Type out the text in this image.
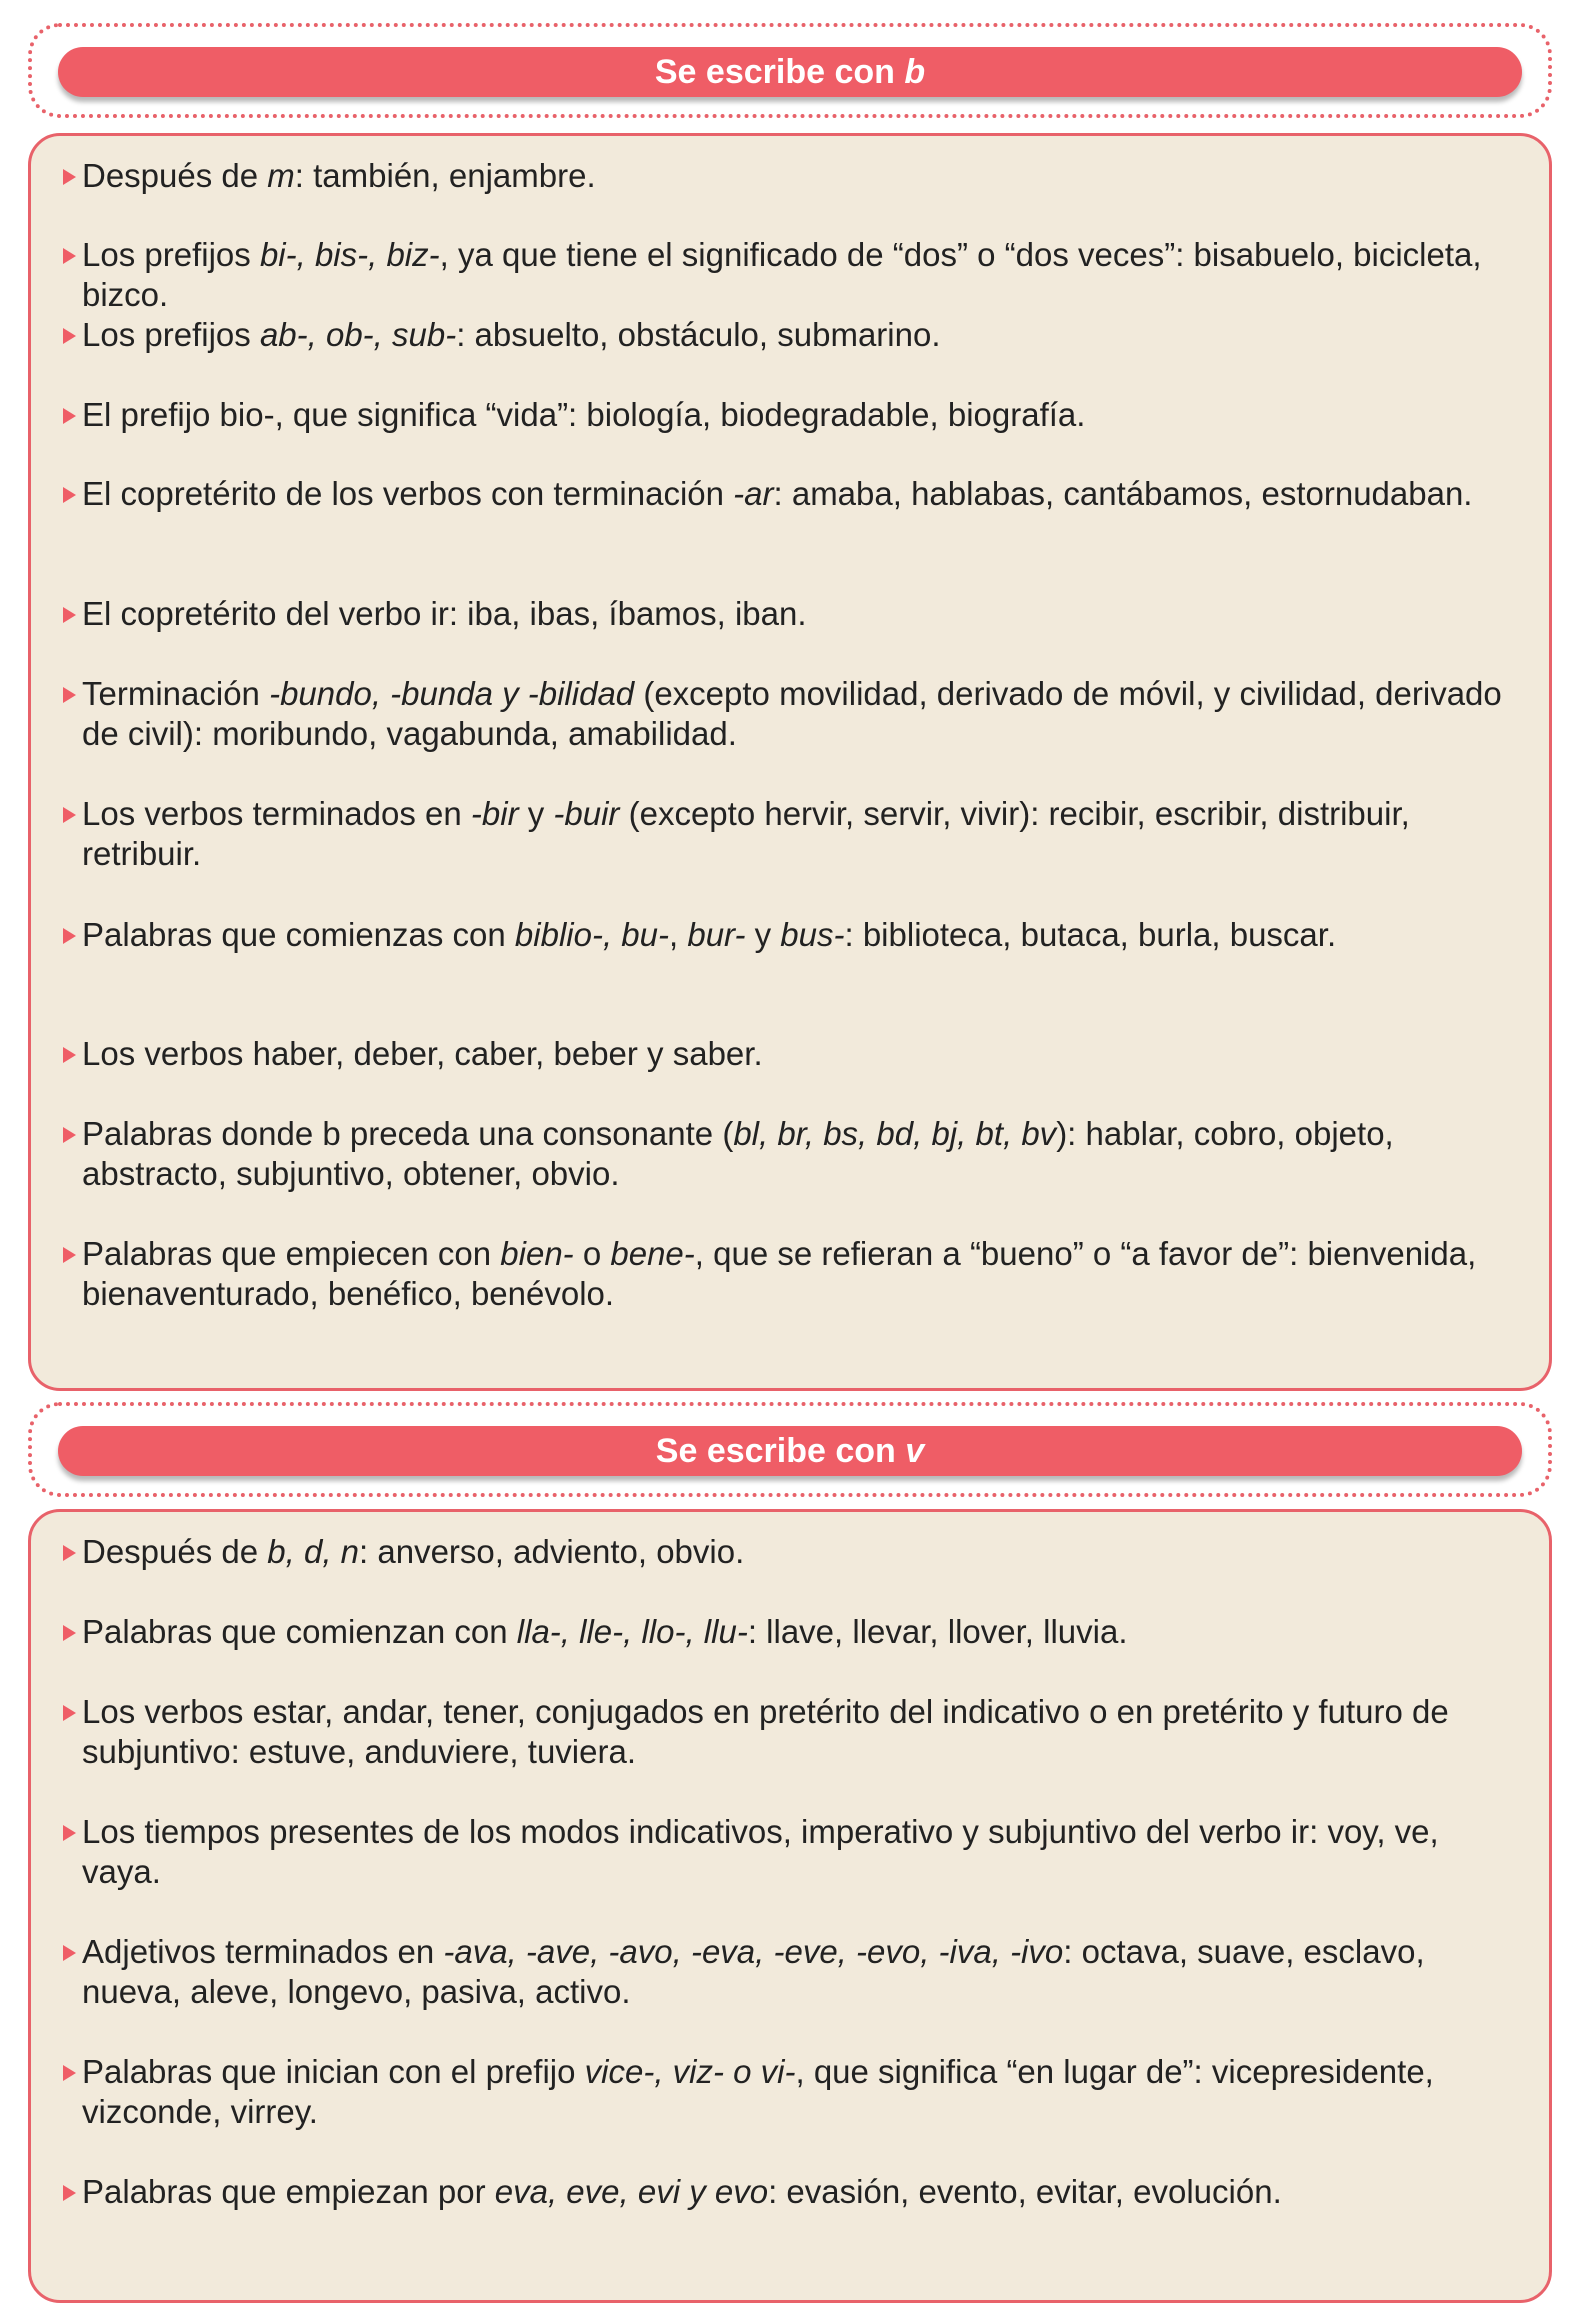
Se escribe con b
Después de m: también, enjambre.
Los prefijos bi-, bis-, biz-, ya que tiene el significado de “dos” o “dos veces”: bisabuelo, bicicleta, bizco.
Los prefijos ab-, ob-, sub-: absuelto, obstáculo, submarino.
El prefijo bio-, que significa “vida”: biología, biodegradable, biografía.
El copretérito de los verbos con terminación -ar: amaba, hablabas, cantábamos, estornudaban.
El copretérito del verbo ir: iba, ibas, íbamos, iban.
Terminación -bundo, -bunda y -bilidad (excepto movilidad, derivado de móvil, y civilidad, derivado de civil): moribundo, vagabunda, amabilidad.
Los verbos terminados en -bir y -buir (excepto hervir, servir, vivir): recibir, escribir, distribuir, retribuir.
Palabras que comienzas con biblio-, bu-, bur- y bus-: biblioteca, butaca, burla, buscar.
Los verbos haber, deber, caber, beber y saber.
Palabras donde b preceda una consonante (bl, br, bs, bd, bj, bt, bv): hablar, cobro, objeto, abstracto, subjuntivo, obtener, obvio.
Palabras que empiecen con bien- o bene-, que se refieran a “bueno” o “a favor de”: bienvenida, bienaventurado, benéfico, benévolo.
Se escribe con v
Después de b, d, n: anverso, adviento, obvio.
Palabras que comienzan con lla-, lle-, llo-, llu-: llave, llevar, llover, lluvia.
Los verbos estar, andar, tener, conjugados en pretérito del indicativo o en pretérito y futuro de subjuntivo: estuve, anduviere, tuviera.
Los tiempos presentes de los modos indicativos, imperativo y subjuntivo del verbo ir: voy, ve, vaya.
Adjetivos terminados en -ava, -ave, -avo, -eva, -eve, -evo, -iva, -ivo: octava, suave, esclavo, nueva, aleve, longevo, pasiva, activo.
Palabras que inician con el prefijo vice-, viz- o vi-, que significa “en lugar de”: vicepresidente, vizconde, virrey.
Palabras que empiezan por eva, eve, evi y evo: evasión, evento, evitar, evolución.
